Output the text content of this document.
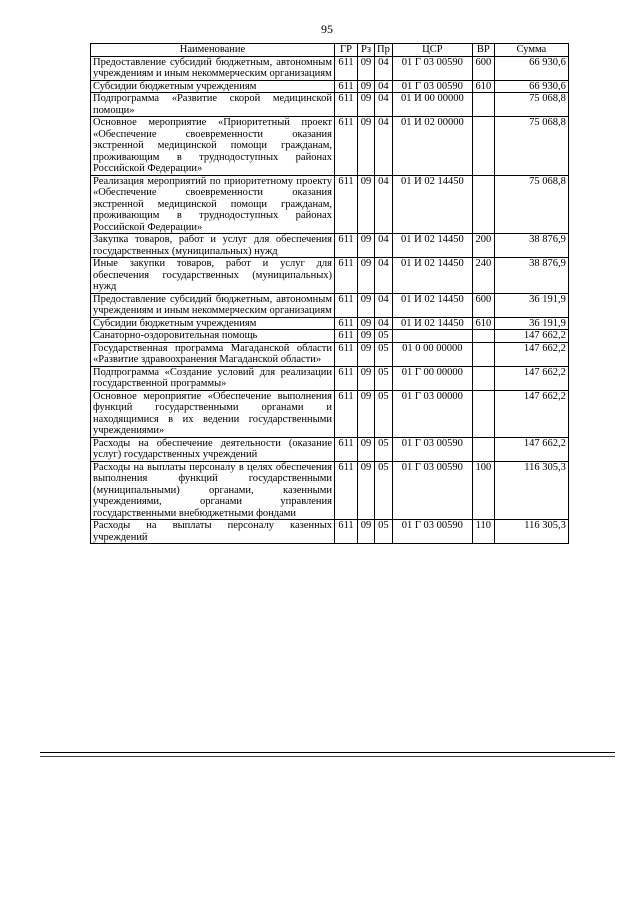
95
Наименование	ГР	Рз	Пр	ЦСР	ВР	Сумма
Предоставление субсидий бюджетным, автономным учреждениям и иным некоммерческим организациям	611	09	04	01 Г 03 00590	600	66 930,6
Субсидии бюджетным учреждениям	611	09	04	01 Г 03 00590	610	66 930,6
Подпрограмма «Развитие скорой медицинской помощи»	611	09	04	01 И 00 00000		75 068,8
Основное мероприятие «Приоритетный проект «Обеспечение своевременности оказания экстренной медицинской помощи гражданам, проживающим в труднодоступных районах Российской Федерации»	611	09	04	01 И 02 00000		75 068,8
Реализация мероприятий по приоритетному проекту «Обеспечение своевременности оказания экстренной медицинской помощи гражданам, проживающим в труднодоступных районах Российской Федерации»	611	09	04	01 И 02 14450		75 068,8
Закупка товаров, работ и услуг для обеспечения государственных (муниципальных) нужд	611	09	04	01 И 02 14450	200	38 876,9
Иные закупки товаров, работ и услуг для обеспечения государственных (муниципальных) нужд	611	09	04	01 И 02 14450	240	38 876,9
Предоставление субсидий бюджетным, автономным учреждениям и иным некоммерческим организациям	611	09	04	01 И 02 14450	600	36 191,9
Субсидии бюджетным учреждениям	611	09	04	01 И 02 14450	610	36 191,9
Санаторно-оздоровительная помощь	611	09	05			147 662,2
Государственная программа Магаданской области «Развитие здравоохранения Магаданской области»	611	09	05	01 0 00 00000		147 662,2
Подпрограмма «Создание условий для реализации государственной программы»	611	09	05	01 Г 00 00000		147 662,2
Основное мероприятие «Обеспечение выполнения функций государственными органами и находящимися в их ведении государственными учреждениями»	611	09	05	01 Г 03 00000		147 662,2
Расходы на обеспечение деятельности (оказание услуг) государственных учреждений	611	09	05	01 Г 03 00590		147 662,2
Расходы на выплаты персоналу в целях обеспечения выполнения функций государственными (муниципальными) органами, казенными учреждениями, органами управления государственными внебюджетными фондами	611	09	05	01 Г 03 00590	100	116 305,3
Расходы на выплаты персоналу казенных учреждений	611	09	05	01 Г 03 00590	110	116 305,3
